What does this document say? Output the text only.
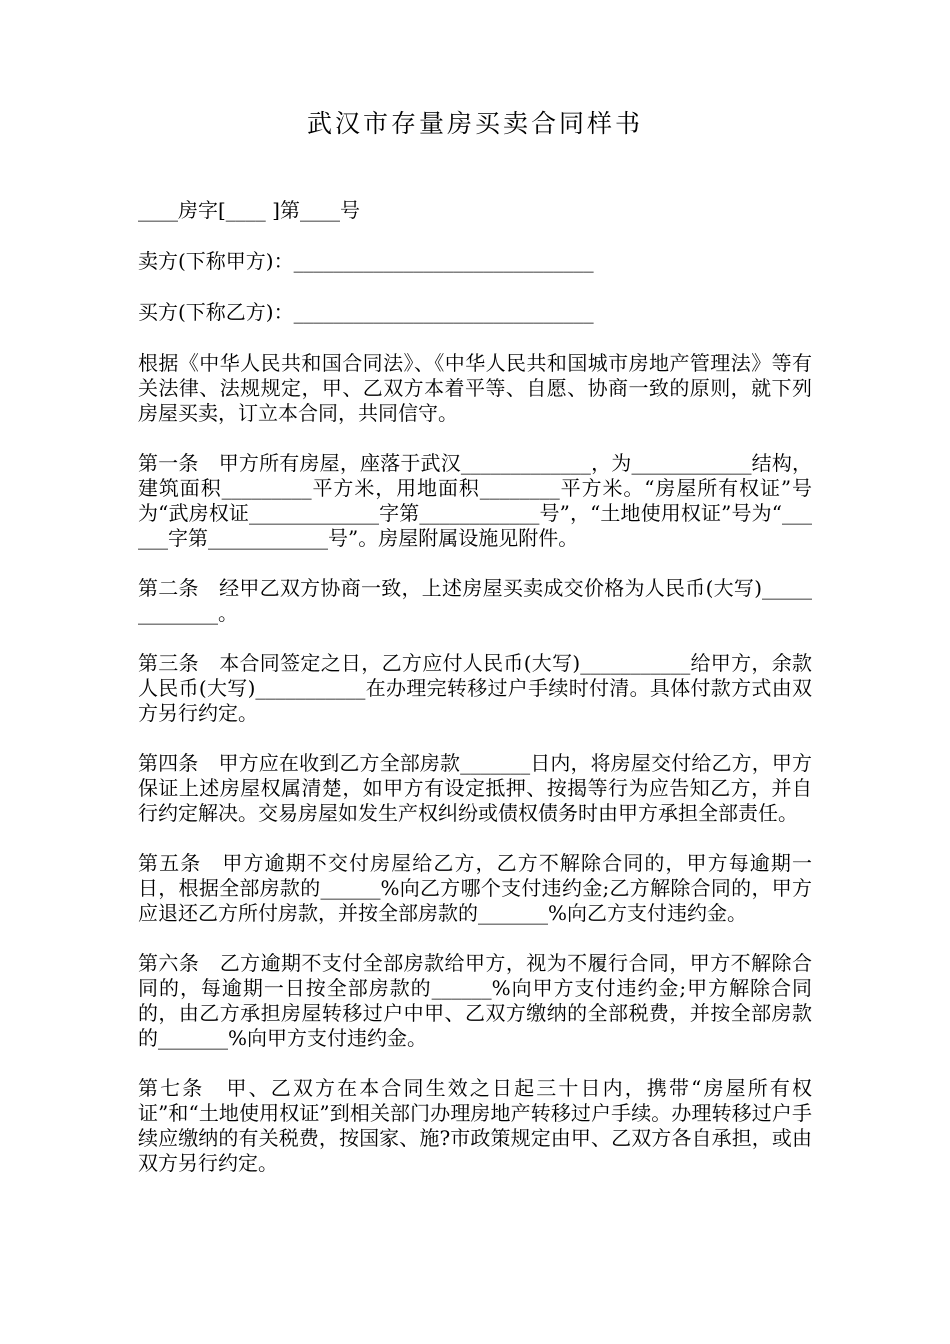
武汉市存量房买卖合同样书

____房字[____ ]第____号

卖方(下称甲方)：______________________________

买方(下称乙方)：______________________________

根据《中华人民共和国合同法》、《中华人民共和国城市房地产管理法》等有关法律、法规规定，甲、乙双方本着平等、自愿、协商一致的原则，就下列房屋买卖，订立本合同，共同信守。

第一条　甲方所有房屋，座落于武汉_____________，为____________结构，建筑面积_________平方米，用地面积________平方米。“房屋所有权证”号为“武房权证_____________字第____________号”，“土地使用权证”号为“______字第____________号”。房屋附属设施见附件。

第二条　经甲乙双方协商一致，上述房屋买卖成交价格为人民币(大写)_____________。

第三条　本合同签定之日，乙方应付人民币(大写)___________给甲方，余款人民币(大写)___________在办理完转移过户手续时付清。具体付款方式由双方另行约定。

第四条　甲方应在收到乙方全部房款_______日内，将房屋交付给乙方，甲方保证上述房屋权属清楚，如甲方有设定抵押、按揭等行为应告知乙方，并自行约定解决。交易房屋如发生产权纠纷或债权债务时由甲方承担全部责任。

第五条　甲方逾期不交付房屋给乙方，乙方不解除合同的，甲方每逾期一日，根据全部房款的______%向乙方哪个支付违约金;乙方解除合同的，甲方应退还乙方所付房款，并按全部房款的_______%向乙方支付违约金。

第六条　乙方逾期不支付全部房款给甲方，视为不履行合同，甲方不解除合同的，每逾期一日按全部房款的______%向甲方支付违约金;甲方解除合同的，由乙方承担房屋转移过户中甲、乙双方缴纳的全部税费，并按全部房款的_______%向甲方支付违约金。

第七条　甲、乙双方在本合同生效之日起三十日内，携带“房屋所有权证”和“土地使用权证”到相关部门办理房地产转移过户手续。办理转移过户手续应缴纳的有关税费，按国家、施?市政策规定由甲、乙双方各自承担，或由双方另行约定。
